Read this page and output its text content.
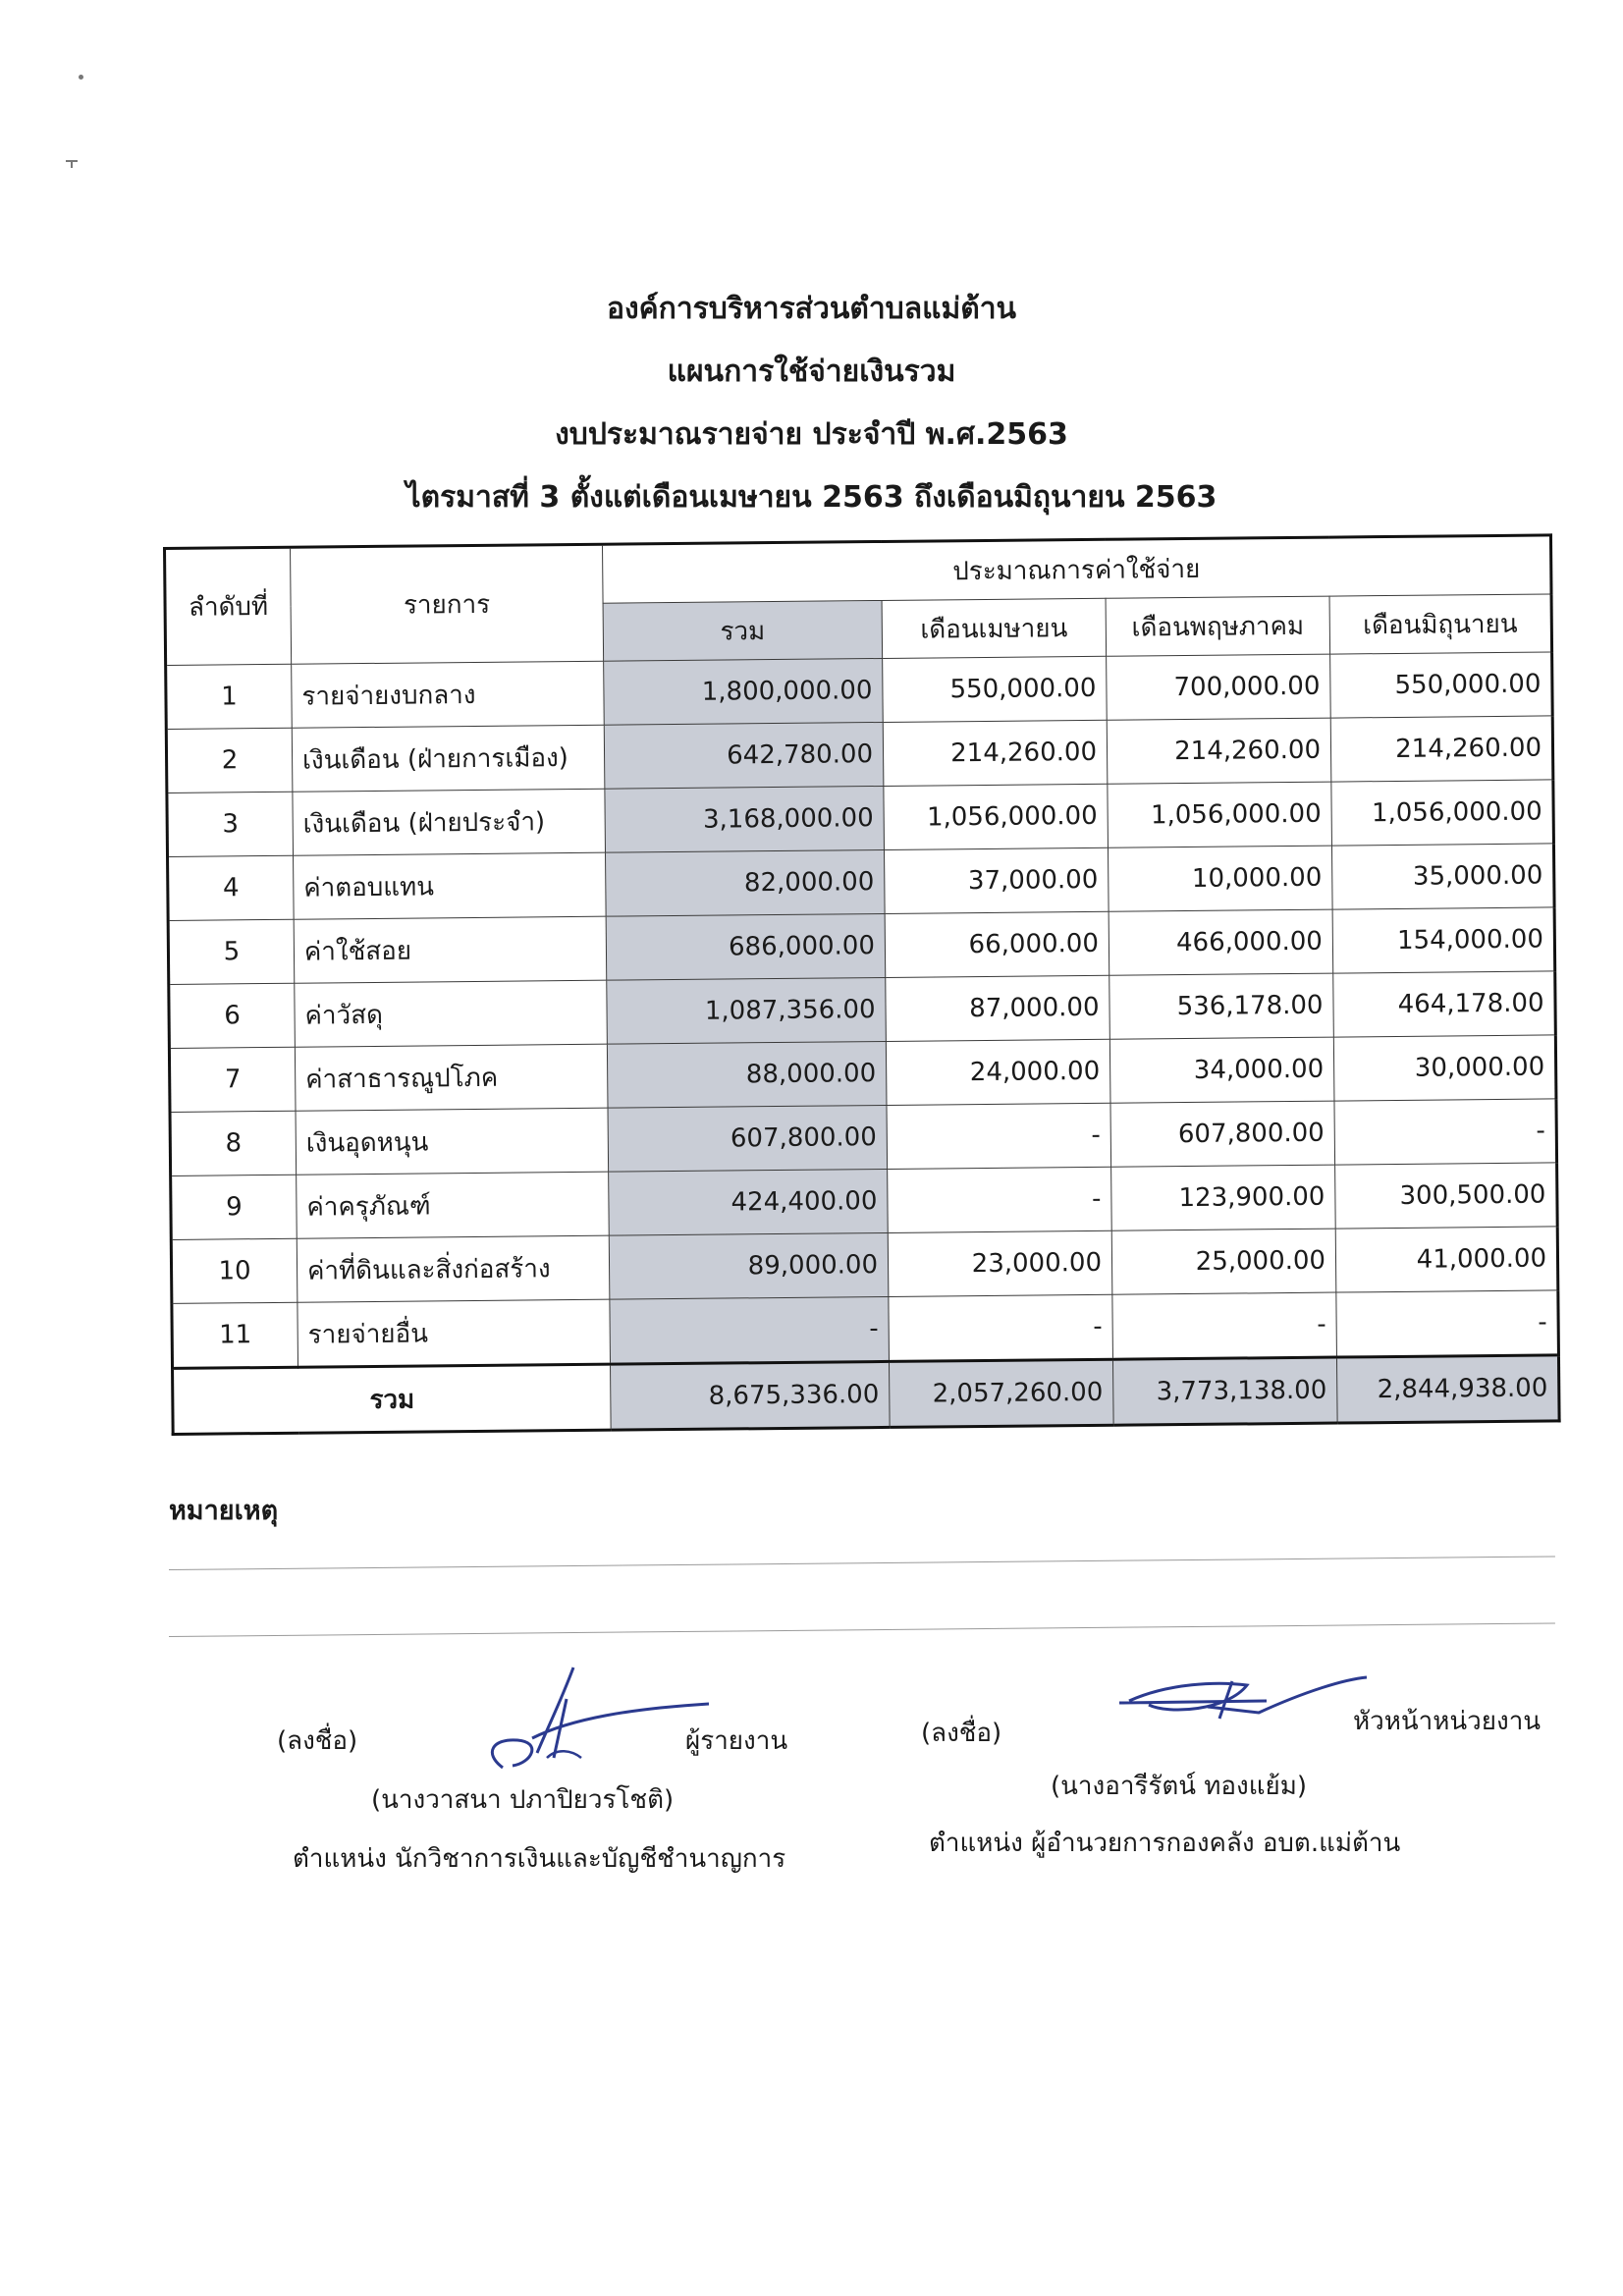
องค์การบริหารส่วนตำบลแม่ต้าน
แผนการใช้จ่ายเงินรวม
งบประมาณรายจ่าย ประจำปี พ.ศ.2563
ไตรมาสที่ 3 ตั้งแต่เดือนเมษายน 2563 ถึงเดือนมิถุนายน 2563
ลำดับที่	รายการ	ประมาณการค่าใช้จ่าย			
		รวม	เดือนเมษายน	เดือนพฤษภาคม	เดือนมิถุนายน
1	รายจ่ายงบกลาง	1,800,000.00	550,000.00	700,000.00	550,000.00
2	เงินเดือน (ฝ่ายการเมือง)	642,780.00	214,260.00	214,260.00	214,260.00
3	เงินเดือน (ฝ่ายประจำ)	3,168,000.00	1,056,000.00	1,056,000.00	1,056,000.00
4	ค่าตอบแทน	82,000.00	37,000.00	10,000.00	35,000.00
5	ค่าใช้สอย	686,000.00	66,000.00	466,000.00	154,000.00
6	ค่าวัสดุ	1,087,356.00	87,000.00	536,178.00	464,178.00
7	ค่าสาธารณูปโภค	88,000.00	24,000.00	34,000.00	30,000.00
8	เงินอุดหนุน	607,800.00	-	607,800.00	-
9	ค่าครุภัณฑ์	424,400.00	-	123,900.00	300,500.00
10	ค่าที่ดินและสิ่งก่อสร้าง	89,000.00	23,000.00	25,000.00	41,000.00
11	รายจ่ายอื่น	-	-	-	-
รวม		8,675,336.00	2,057,260.00	3,773,138.00	2,844,938.00
หมายเหตุ
(ลงชื่อ)	ผู้รายงาน
(นางวาสนา ปภาปิยวรโชติ)
ตำแหน่ง นักวิชาการเงินและบัญชีชำนาญการ
(ลงชื่อ)	หัวหน้าหน่วยงาน
(นางอารีรัตน์ ทองแย้ม)
ตำแหน่ง ผู้อำนวยการกองคลัง อบต.แม่ต้าน
